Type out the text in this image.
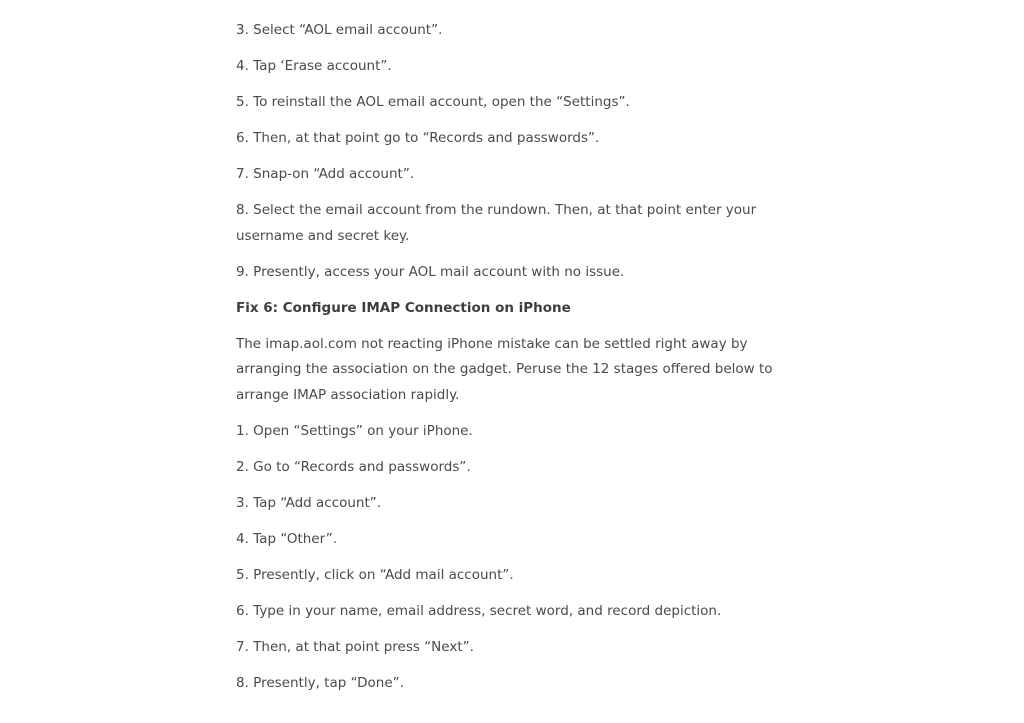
3. Select “AOL email account”.

4. Tap ‘Erase account”.

5. To reinstall the AOL email account, open the “Settings”.

6. Then, at that point go to “Records and passwords”.

7. Snap-on “Add account”.

8. Select the email account from the rundown. Then, at that point enter your username and secret key.

9. Presently, access your AOL mail account with no issue.

Fix 6: Configure IMAP Connection on iPhone

The imap.aol.com not reacting iPhone mistake can be settled right away by arranging the association on the gadget. Peruse the 12 stages offered below to arrange IMAP association rapidly.

1. Open “Settings” on your iPhone.

2. Go to “Records and passwords”.

3. Tap “Add account”.

4. Tap “Other”.

5. Presently, click on “Add mail account”.

6. Type in your name, email address, secret word, and record depiction.

7. Then, at that point press “Next”.

8. Presently, tap “Done”.
